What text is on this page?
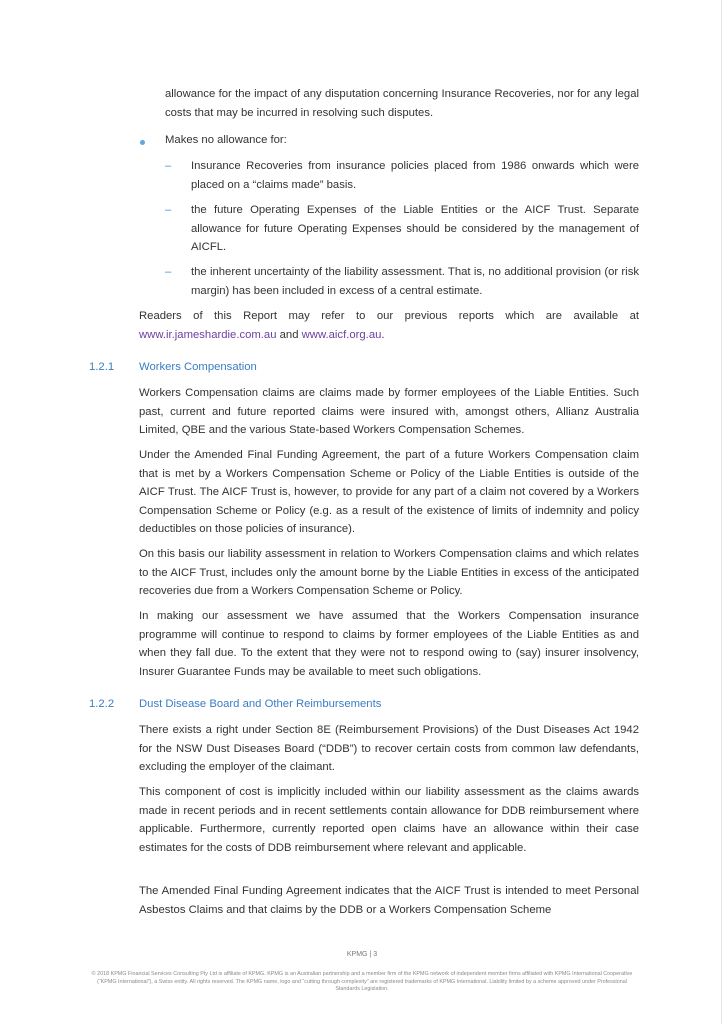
allowance for the impact of any disputation concerning Insurance Recoveries, nor for any legal costs that may be incurred in resolving such disputes.

Makes no allowance for:

– Insurance Recoveries from insurance policies placed from 1986 onwards which were placed on a “claims made” basis.

– the future Operating Expenses of the Liable Entities or the AICF Trust. Separate allowance for future Operating Expenses should be considered by the management of AICFL.

– the inherent uncertainty of the liability assessment. That is, no additional provision (or risk margin) has been included in excess of a central estimate.

Readers of this Report may refer to our previous reports which are available at www.ir.jameshardie.com.au and www.aicf.org.au.

1.2.1 Workers Compensation

Workers Compensation claims are claims made by former employees of the Liable Entities. Such past, current and future reported claims were insured with, amongst others, Allianz Australia Limited, QBE and the various State-based Workers Compensation Schemes.

Under the Amended Final Funding Agreement, the part of a future Workers Compensation claim that is met by a Workers Compensation Scheme or Policy of the Liable Entities is outside of the AICF Trust. The AICF Trust is, however, to provide for any part of a claim not covered by a Workers Compensation Scheme or Policy (e.g. as a result of the existence of limits of indemnity and policy deductibles on those policies of insurance).

On this basis our liability assessment in relation to Workers Compensation claims and which relates to the AICF Trust, includes only the amount borne by the Liable Entities in excess of the anticipated recoveries due from a Workers Compensation Scheme or Policy.

In making our assessment we have assumed that the Workers Compensation insurance programme will continue to respond to claims by former employees of the Liable Entities as and when they fall due. To the extent that they were not to respond owing to (say) insurer insolvency, Insurer Guarantee Funds may be available to meet such obligations.

1.2.2 Dust Disease Board and Other Reimbursements

There exists a right under Section 8E (Reimbursement Provisions) of the Dust Diseases Act 1942 for the NSW Dust Diseases Board (“DDB”) to recover certain costs from common law defendants, excluding the employer of the claimant.

This component of cost is implicitly included within our liability assessment as the claims awards made in recent periods and in recent settlements contain allowance for DDB reimbursement where applicable. Furthermore, currently reported open claims have an allowance within their case estimates for the costs of DDB reimbursement where relevant and applicable.

The Amended Final Funding Agreement indicates that the AICF Trust is intended to meet Personal Asbestos Claims and that claims by the DDB or a Workers Compensation Scheme

KPMG | 3
© 2018 KPMG Financial Services Consulting Pty Ltd is affiliate of KPMG. KPMG is an Australian partnership and a member firm of the KPMG network of independent member firms affiliated with KPMG International Cooperative (“KPMG International”), a Swiss entity. All rights reserved. The KPMG name, logo and “cutting through complexity” are registered trademarks of KPMG International. Liability limited by a scheme approved under Professional Standards Legislation.
